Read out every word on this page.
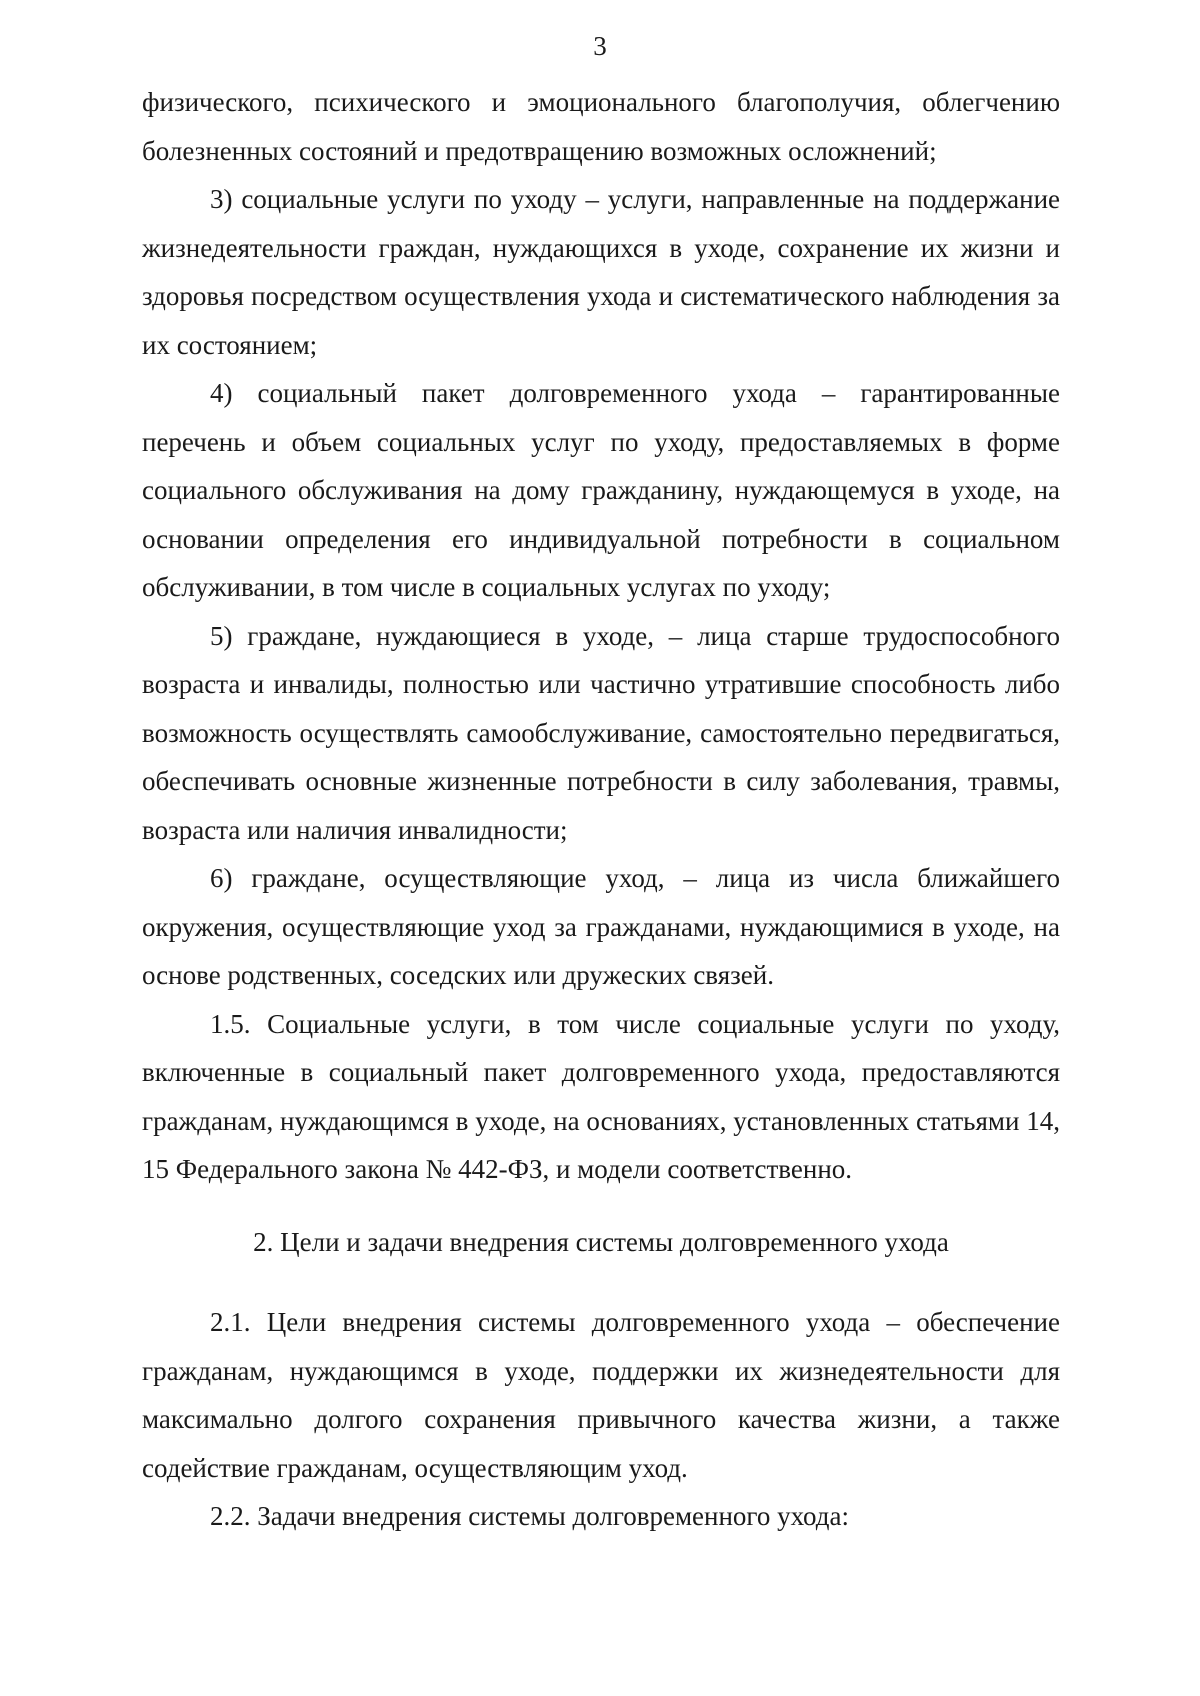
3

физического, психического и эмоционального благополучия, облегчению болезненных состояний и предотвращению возможных осложнений;

3) социальные услуги по уходу – услуги, направленные на поддержание жизнедеятельности граждан, нуждающихся в уходе, сохранение их жизни и здоровья посредством осуществления ухода и систематического наблюдения за их состоянием;

4) социальный пакет долговременного ухода – гарантированные перечень и объем социальных услуг по уходу, предоставляемых в форме социального обслуживания на дому гражданину, нуждающемуся в уходе, на основании определения его индивидуальной потребности в социальном обслуживании, в том числе в социальных услугах по уходу;

5) граждане, нуждающиеся в уходе, – лица старше трудоспособного возраста и инвалиды, полностью или частично утратившие способность либо возможность осуществлять самообслуживание, самостоятельно передвигаться, обеспечивать основные жизненные потребности в силу заболевания, травмы, возраста или наличия инвалидности;

6) граждане, осуществляющие уход, – лица из числа ближайшего окружения, осуществляющие уход за гражданами, нуждающимися в уходе, на основе родственных, соседских или дружеских связей.

1.5. Социальные услуги, в том числе социальные услуги по уходу, включенные в социальный пакет долговременного ухода, предоставляются гражданам, нуждающимся в уходе, на основаниях, установленных статьями 14, 15 Федерального закона № 442-ФЗ, и модели соответственно.

2. Цели и задачи внедрения системы долговременного ухода

2.1. Цели внедрения системы долговременного ухода – обеспечение гражданам, нуждающимся в уходе, поддержки их жизнедеятельности для максимально долгого сохранения привычного качества жизни, а также содействие гражданам, осуществляющим уход.

2.2. Задачи внедрения системы долговременного ухода:
